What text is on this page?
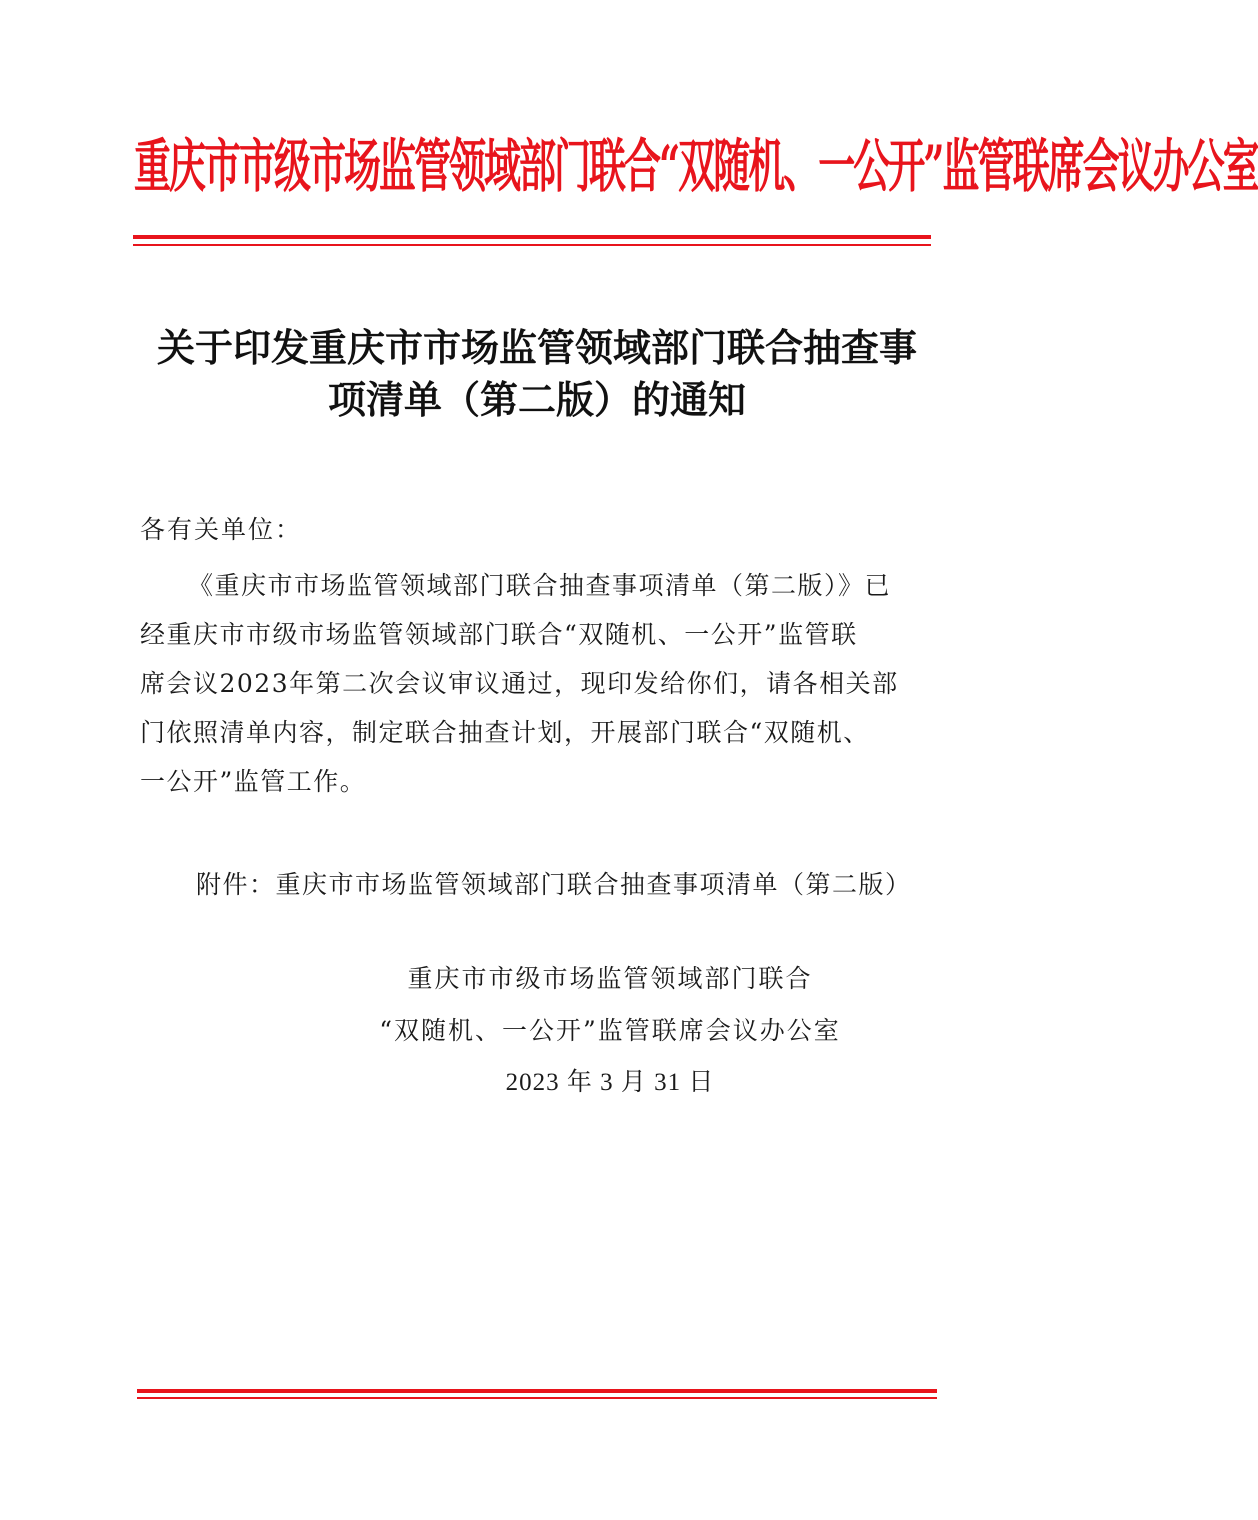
重庆市市级市场监管领域部门联合“双随机、一公开”监管联席会议办公室
关于印发重庆市市场监管领域部门联合抽查事
项清单（第二版）的通知
各有关单位：
《重庆市市场监管领域部门联合抽查事项清单（第二版）》已
经重庆市市级市场监管领域部门联合“双随机、一公开”监管联
席会议2023年第二次会议审议通过，现印发给你们，请各相关部
门依照清单内容，制定联合抽查计划，开展部门联合“双随机、
一公开”监管工作。
附件：重庆市市场监管领域部门联合抽查事项清单（第二版）
重庆市市级市场监管领域部门联合
“双随机、一公开”监管联席会议办公室
2023 年 3 月 31 日
